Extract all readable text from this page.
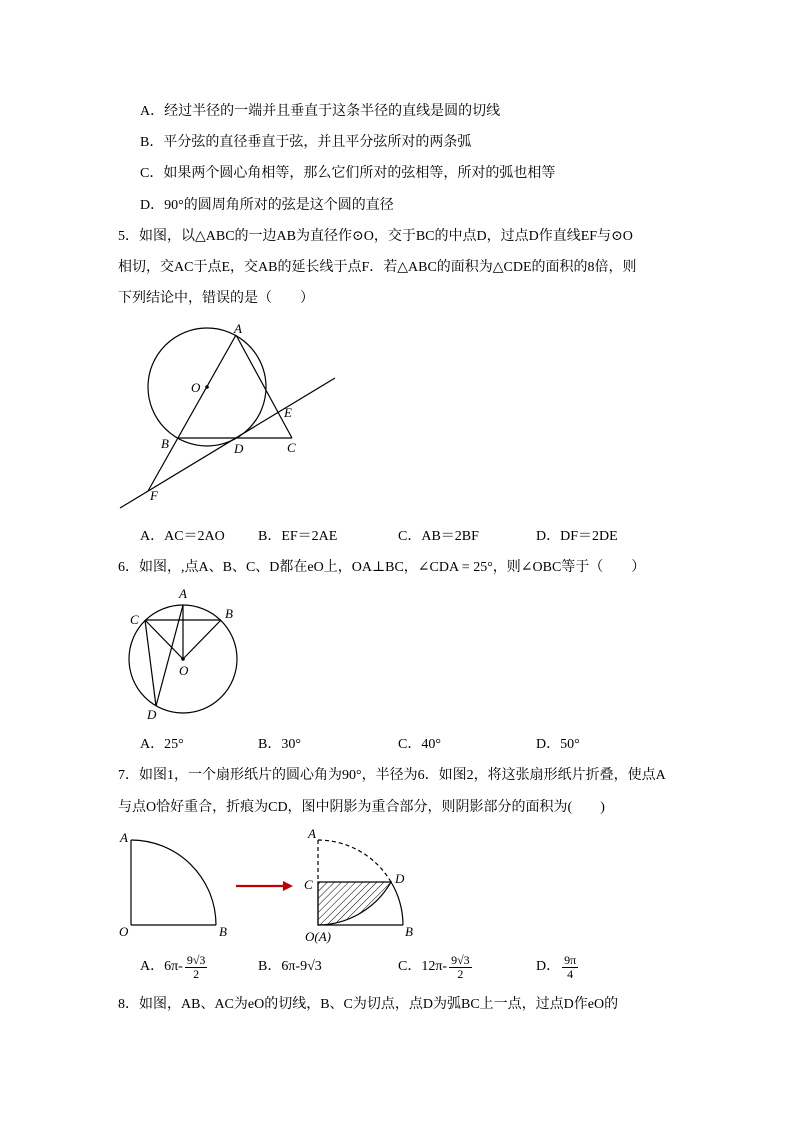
A．经过半径的一端并且垂直于这条半径的直线是圆的切线
B．平分弦的直径垂直于弦，并且平分弦所对的两条弧
C．如果两个圆心角相等，那么它们所对的弦相等，所对的弧也相等
D．90°的圆周角所对的弦是这个圆的直径
5．如图，以△ABC的一边AB为直径作⊙O，交于BC的中点D，过点D作直线EF与⊙O
相切，交AC于点E，交AB的延长线于点F．若△ABC的面积为△CDE的面积的8倍，则
下列结论中，错误的是（　　）
A
O
E
B	D	C
F
A．AC＝2AO B．EF＝2AE	C．AB＝2BF	D．DF＝2DE
6．如图，,点A、B、C、D都在eO上，OA⊥BC，∠CDA = 25°，则∠OBC等于（　　）
A
B
C
O
D
A．25°	B．30°	C．40°	D．50°
7．如图1，一个扇形纸片的圆心角为90°，半径为6．如图2，将这张扇形纸片折叠，使点A
与点O恰好重合，折痕为CD，图中阴影为重合部分，则阴影部分的面积为(　　)
A
O	B
A
C	D
O(A)	B
A．$6\pi- \frac{9√3}{2}$	B．6π-9√3	C．$12\pi- \frac{9√3}{2}$	D． $\frac{9\pi}{4}$
8．如图，AB、AC为eO的切线，B、C为切点，点D为弧BC上一点，过点D作eO的
